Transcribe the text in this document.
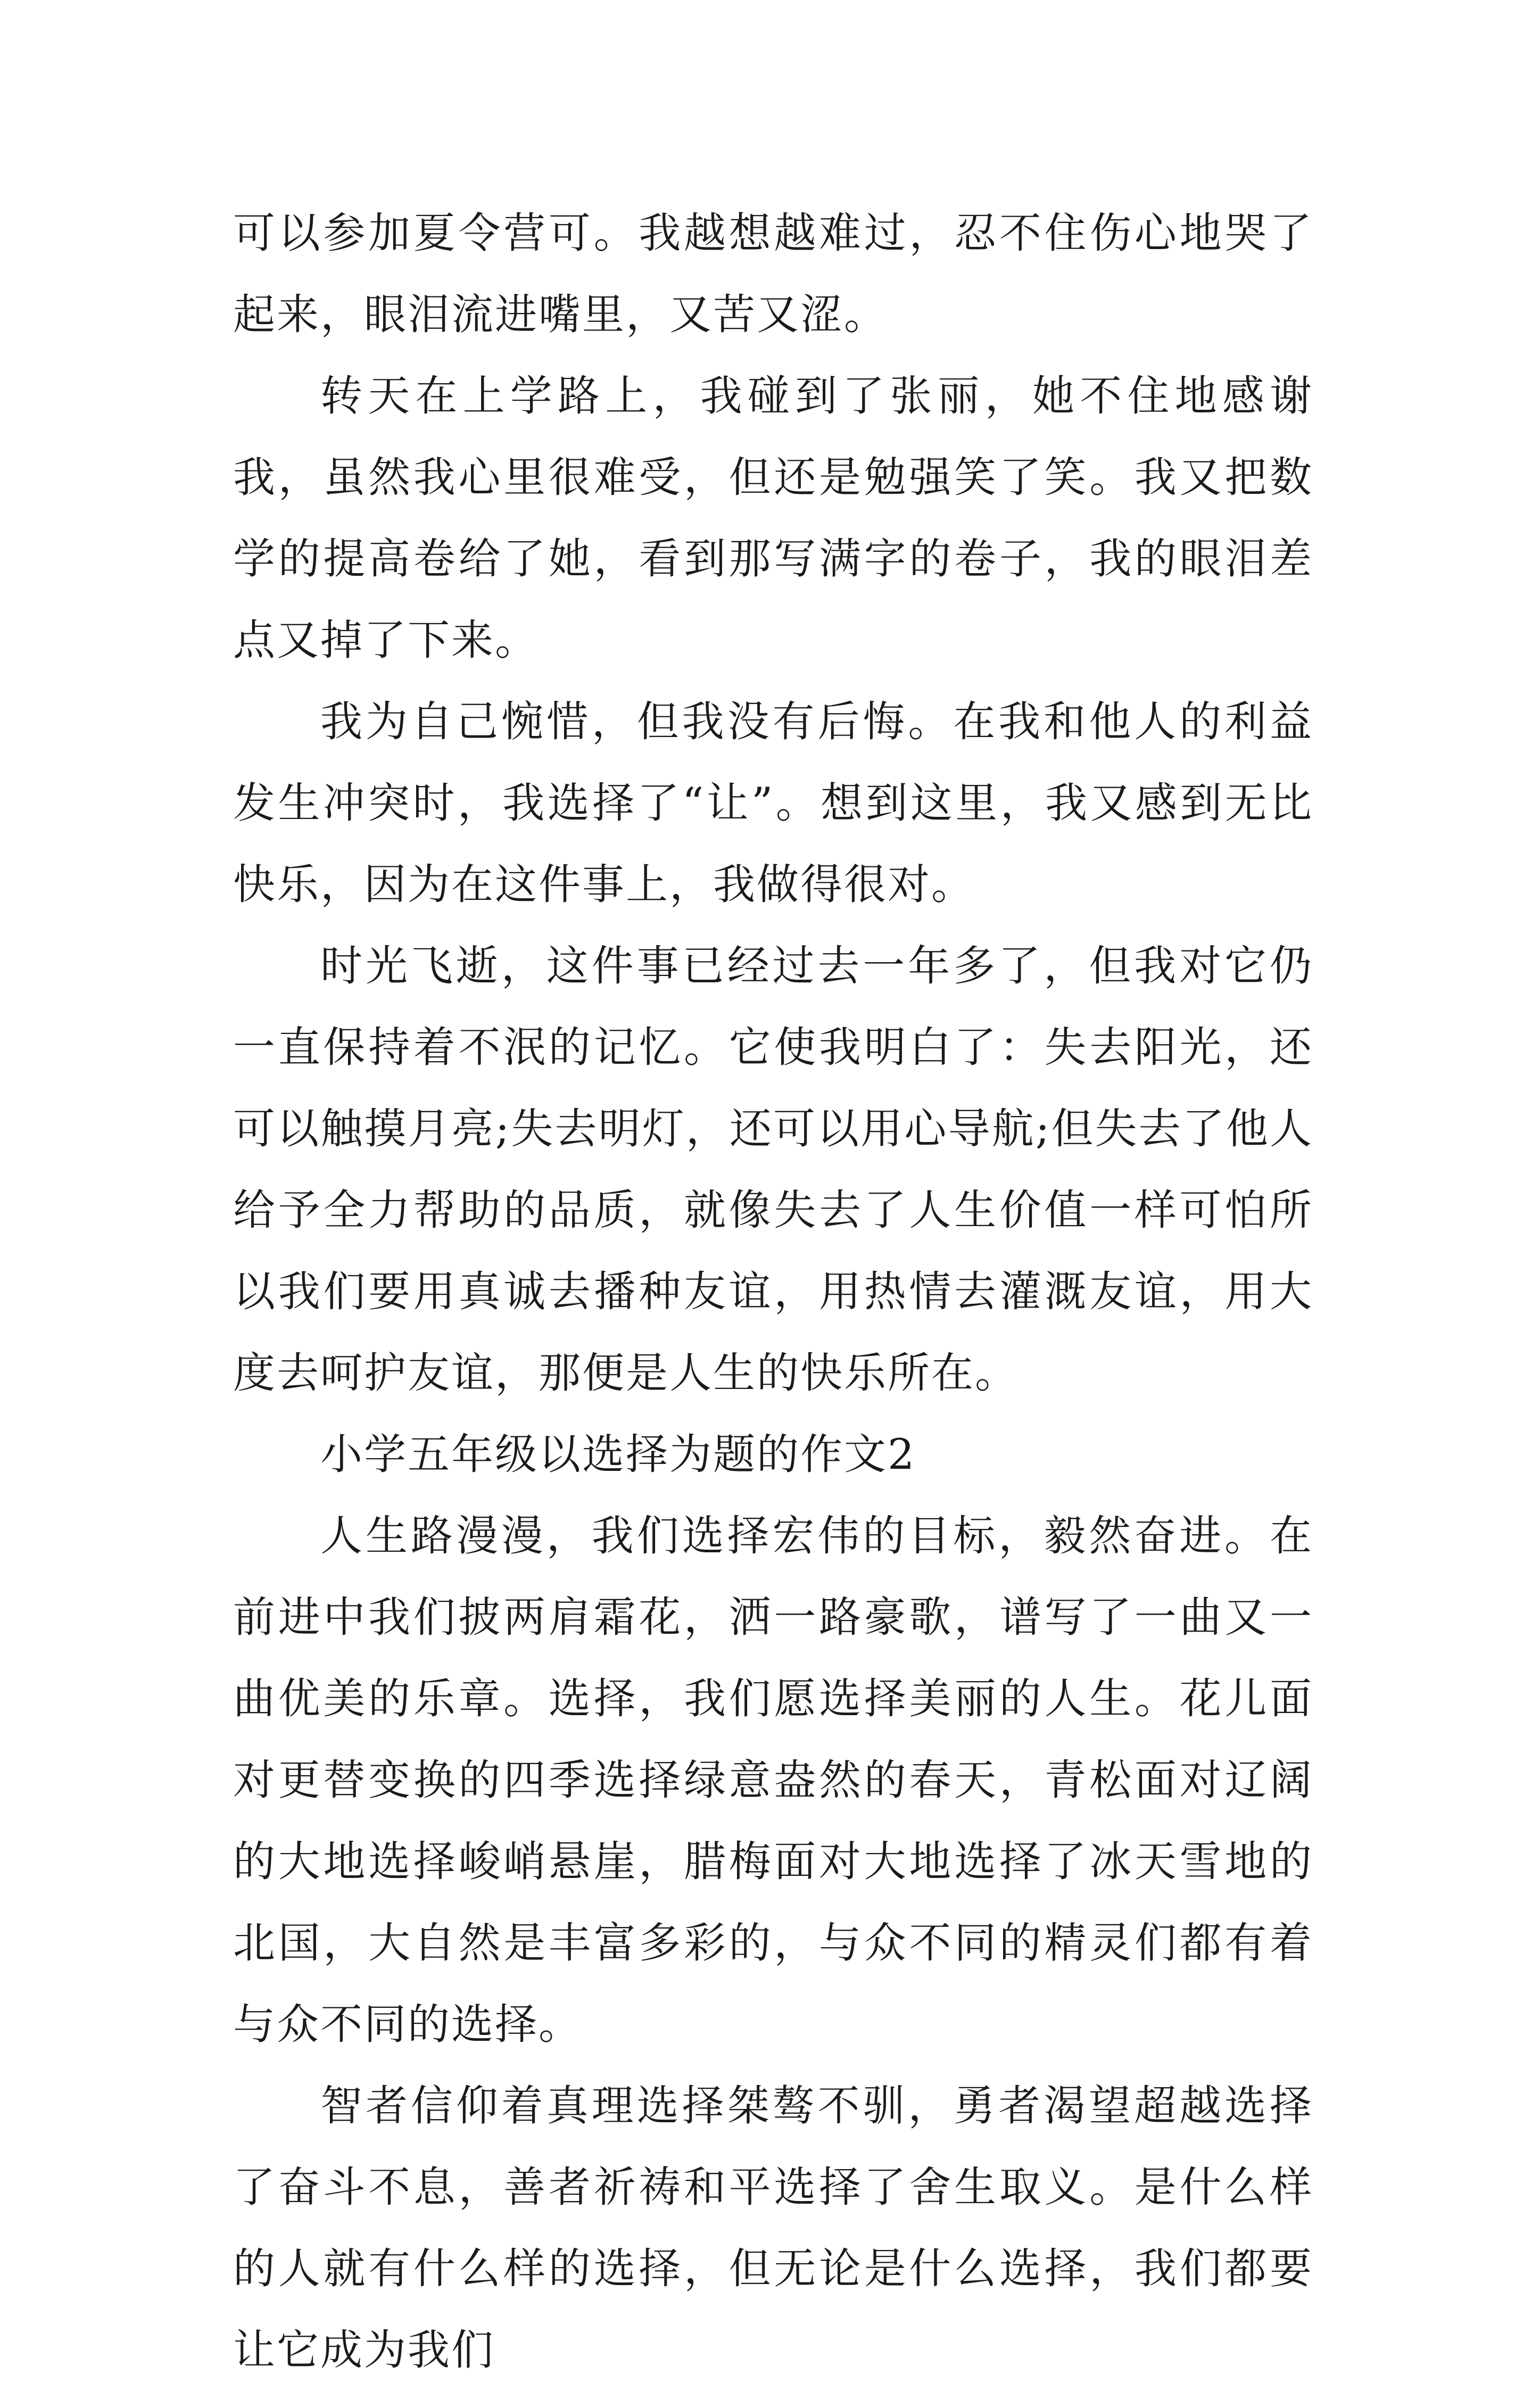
可以参加夏令营可。我越想越难过，忍不住伤心地哭了起来，眼泪流进嘴里，又苦又涩。

转天在上学路上，我碰到了张丽，她不住地感谢我，虽然我心里很难受，但还是勉强笑了笑。我又把数学的提高卷给了她，看到那写满字的卷子，我的眼泪差点又掉了下来。

我为自己惋惜，但我没有后悔。在我和他人的利益发生冲突时，我选择了“让”。想到这里，我又感到无比快乐，因为在这件事上，我做得很对。

时光飞逝，这件事已经过去一年多了，但我对它仍一直保持着不泯的记忆。它使我明白了：失去阳光，还可以触摸月亮;失去明灯，还可以用心导航;但失去了他人给予全力帮助的品质，就像失去了人生价值一样可怕所以我们要用真诚去播种友谊，用热情去灌溉友谊，用大度去呵护友谊，那便是人生的快乐所在。

小学五年级以选择为题的作文2

人生路漫漫，我们选择宏伟的目标，毅然奋进。在前进中我们披两肩霜花，洒一路豪歌，谱写了一曲又一曲优美的乐章。选择，我们愿选择美丽的人生。花儿面对更替变换的四季选择绿意盎然的春天，青松面对辽阔的大地选择峻峭悬崖，腊梅面对大地选择了冰天雪地的北国，大自然是丰富多彩的，与众不同的精灵们都有着与众不同的选择。

智者信仰着真理选择桀骜不驯，勇者渴望超越选择了奋斗不息，善者祈祷和平选择了舍生取义。是什么样的人就有什么样的选择，但无论是什么选择，我们都要让它成为我们
